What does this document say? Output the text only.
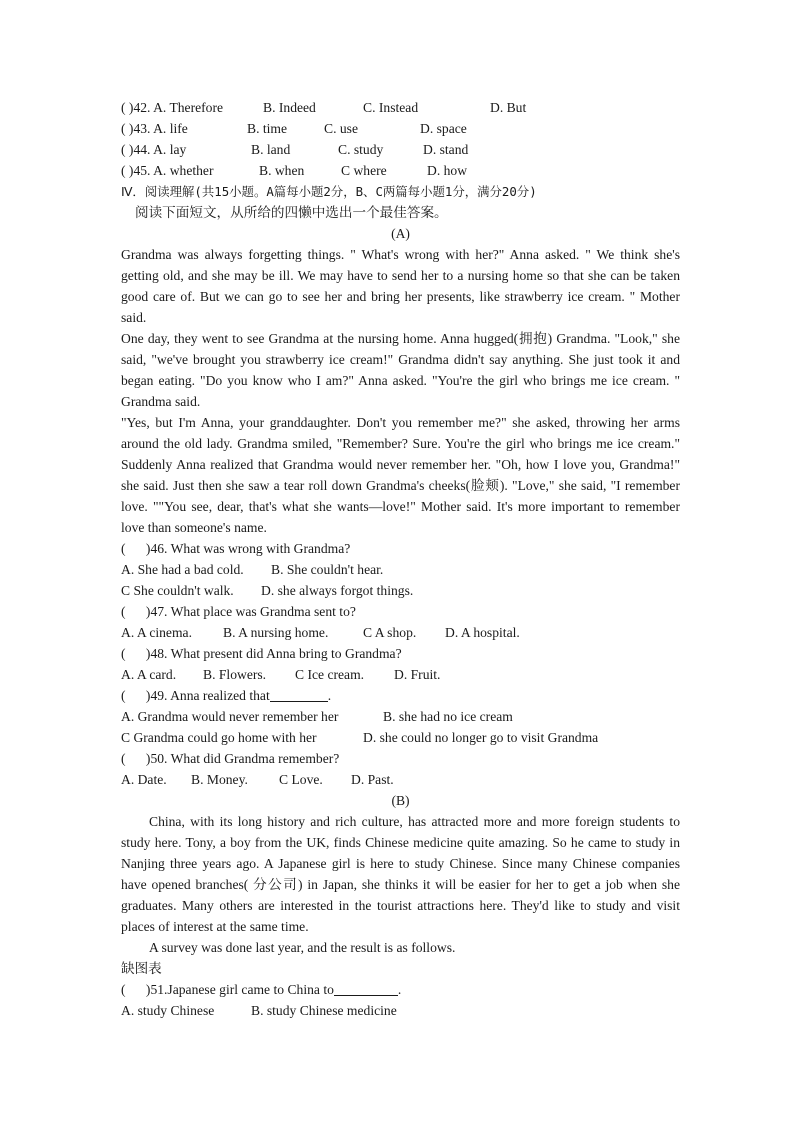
( )42. A. Therefore	B. Indeed	C. Instead	D. But
( )43. A. life	B. time	C. use	D. space
( )44. A. lay	B. land	C. study	D. stand
( )45. A. whether	B. when	C where	D. how
Ⅳ．阅读理解(共15小题。A篇每小题2分，B、C两篇每小题1分，满分20分)
阅读下面短文，从所给的四懒中选出一个最佳答案。
(A)
Grandma was always forgetting things. " What's wrong with her?" Anna asked. " We think she's getting old, and she may be ill. We may have to send her to a nursing home so that she can be taken good care of. But we can go to see her and bring her presents, like strawberry ice cream. " Mother said.
One day, they went to see Grandma at the nursing home. Anna hugged(拥抱) Grandma. "Look," she said, "we've brought you strawberry ice cream!" Grandma didn't say anything. She just took it and began eating. "Do you know who I am?" Anna asked. "You're the girl who brings me ice cream. " Grandma said.
"Yes, but I'm Anna, your granddaughter. Don't you remember me?" she asked, throwing her arms around the old lady. Grandma smiled, "Remember? Sure. You're the girl who brings me ice cream." Suddenly Anna realized that Grandma would never remember her. "Oh, how I love you, Grandma!" she said. Just then she saw a tear roll down Grandma's cheeks(脸颊). "Love," she said, "I remember love. ""You see, dear, that's what she wants—love!" Mother said. It's more important to remember love than someone's name.
(      )46. What was wrong with Grandma?
A. She had a bad cold. B. She couldn't hear.
C She couldn't walk. D. she always forgot things.
(      )47. What place was Grandma sent to?
A. A cinema. B. A nursing home.	C A shop. D. A hospital.
(      )48. What present did Anna bring to Grandma?
A. A card. B. Flowers. C Ice cream. D. Fruit.
(      )49. Anna realized that	.
A. Grandma would never remember her	B. she had no ice cream
C Grandma could go home with her	D. she could no longer go to visit Grandma
(      )50. What did Grandma remember?
A. Date. B. Money. C Love. D. Past.
(B)
China, with its long history and rich culture, has attracted more and more foreign students to study here. Tony, a boy from the UK, finds Chinese medicine quite amazing. So he came to study in Nanjing three years ago. A Japanese girl is here to study Chinese. Since many Chinese companies have opened branches( 分公司) in Japan, she thinks it will be easier for her to get a job when she graduates. Many others are interested in the tourist attractions here. They'd like to study and visit places of interest at the same time.
A survey was done last year, and the result is as follows.
缺图表
(      )51.Japanese girl came to China to	.
A. study Chinese	B. study Chinese medicine
